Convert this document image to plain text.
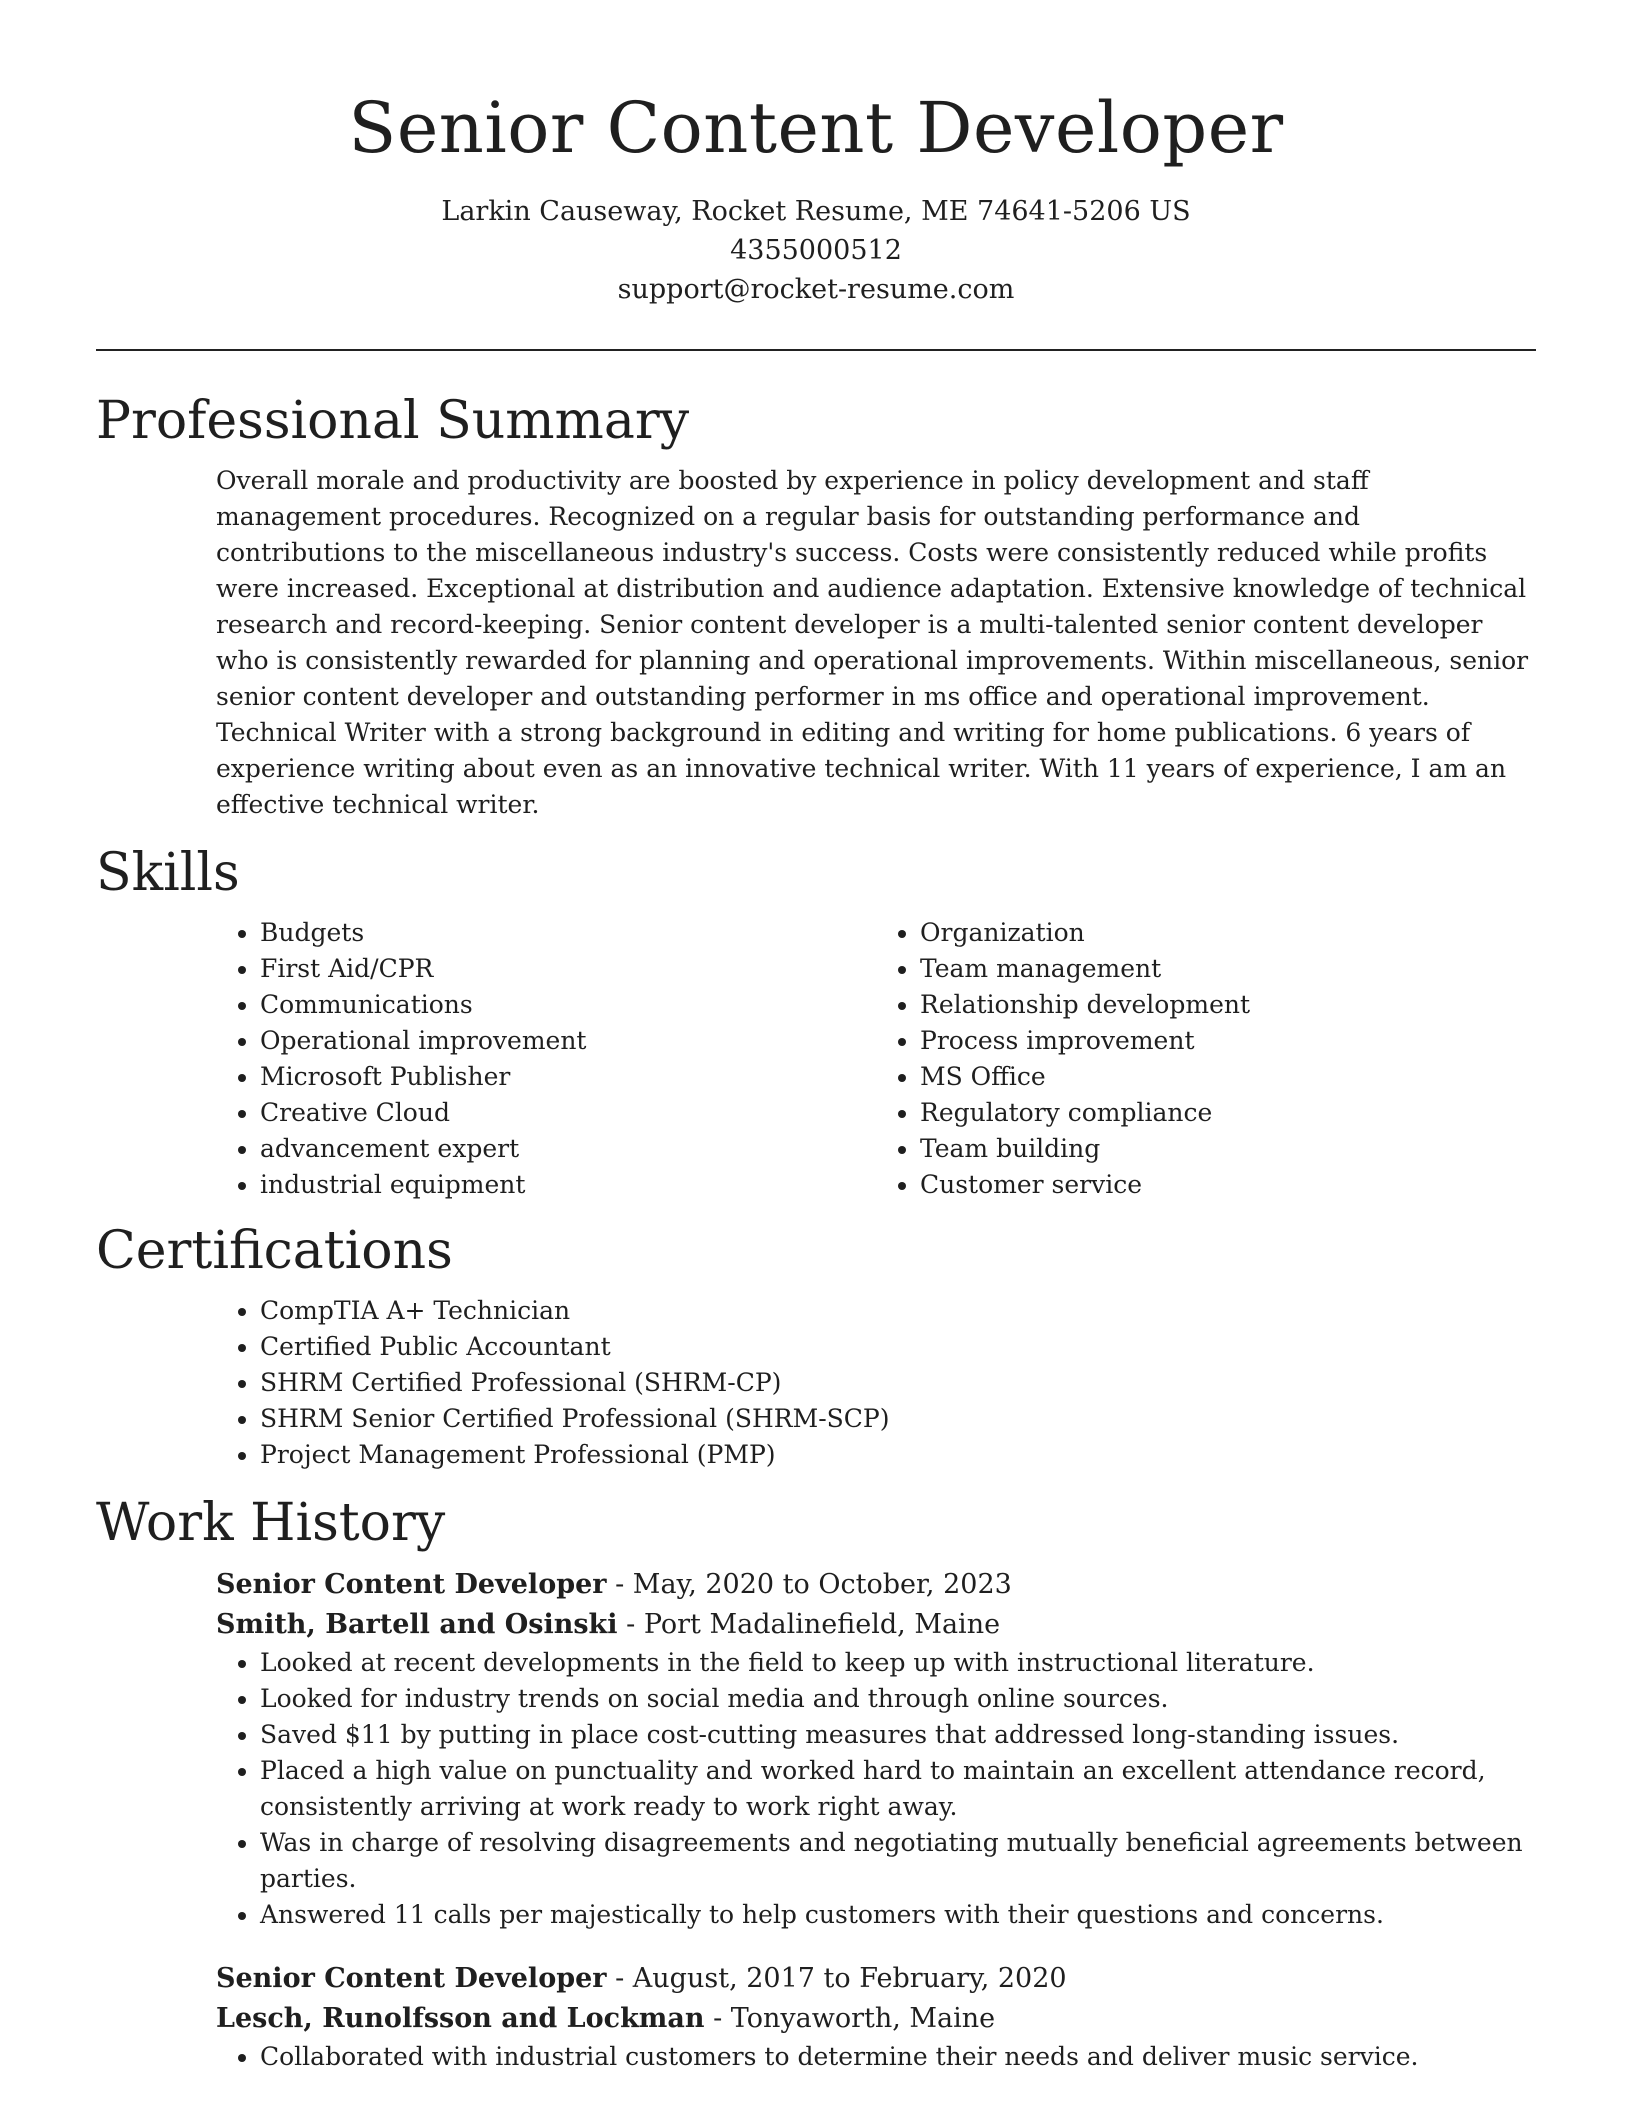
Senior Content Developer
Larkin Causeway, Rocket Resume, ME 74641-5206 US
4355000512
support@rocket-resume.com
Professional Summary

Overall morale and productivity are boosted by experience in policy development and staff management procedures. Recognized on a regular basis for outstanding performance and contributions to the miscellaneous industry's success. Costs were consistently reduced while profits were increased. Exceptional at distribution and audience adaptation. Extensive knowledge of technical research and record-keeping. Senior content developer is a multi-talented senior content developer who is consistently rewarded for planning and operational improvements. Within miscellaneous, senior senior content developer and outstanding performer in ms office and operational improvement. Technical Writer with a strong background in editing and writing for home publications. 6 years of experience writing about even as an innovative technical writer. With 11 years of experience, I am an effective technical writer.

Skills
• Budgets
• First Aid/CPR
• Communications
• Operational improvement
• Microsoft Publisher
• Creative Cloud
• advancement expert
• industrial equipment
• Organization
• Team management
• Relationship development
• Process improvement
• MS Office
• Regulatory compliance
• Team building
• Customer service
Certifications
• CompTIA A+ Technician
• Certified Public Accountant
• SHRM Certified Professional (SHRM-CP)
• SHRM Senior Certified Professional (SHRM-SCP)
• Project Management Professional (PMP)
Work History
Senior Content Developer - May, 2020 to October, 2023
Smith, Bartell and Osinski - Port Madalinefield, Maine
• Looked at recent developments in the field to keep up with instructional literature.
• Looked for industry trends on social media and through online sources.
• Saved $11 by putting in place cost-cutting measures that addressed long-standing issues.
• Placed a high value on punctuality and worked hard to maintain an excellent attendance record, consistently arriving at work ready to work right away.
• Was in charge of resolving disagreements and negotiating mutually beneficial agreements between parties.
• Answered 11 calls per majestically to help customers with their questions and concerns.
Senior Content Developer - August, 2017 to February, 2020
Lesch, Runolfsson and Lockman - Tonyaworth, Maine
• Collaborated with industrial customers to determine their needs and deliver music service.
